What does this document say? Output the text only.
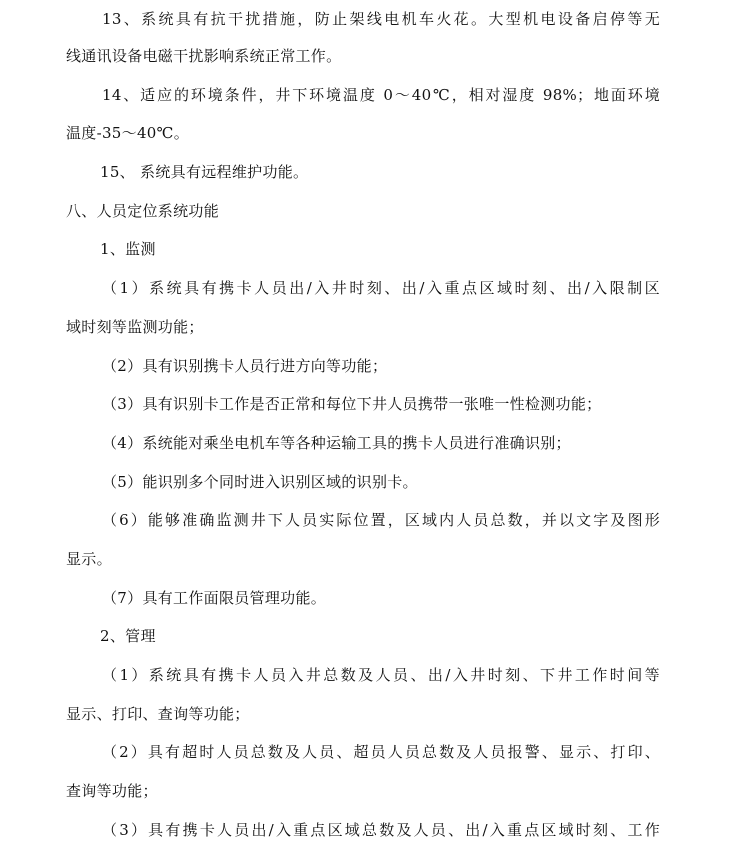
13、系统具有抗干扰措施，防止架线电机车火花。大型机电设备启停等无
线通讯设备电磁干扰影响系统正常工作。
14、适应的环境条件，井下环境温度 0～40℃，相对湿度 98%；地面环境
温度-35～40℃。
15、 系统具有远程维护功能。
八、人员定位系统功能
1、监测
（1）系统具有携卡人员出/入井时刻、出/入重点区域时刻、出/入限制区
域时刻等监测功能；
（2）具有识别携卡人员行进方向等功能；
（3）具有识别卡工作是否正常和每位下井人员携带一张唯一性检测功能；
（4）系统能对乘坐电机车等各种运输工具的携卡人员进行准确识别；
（5）能识别多个同时进入识别区域的识别卡。
（6）能够准确监测井下人员实际位置，区域内人员总数，并以文字及图形
显示。
（7）具有工作面限员管理功能。
2、管理
（1）系统具有携卡人员入井总数及人员、出/入井时刻、下井工作时间等
显示、打印、查询等功能；
（2）具有超时人员总数及人员、超员人员总数及人员报警、显示、打印、
查询等功能；
（3）具有携卡人员出/入重点区域总数及人员、出/入重点区域时刻、工作
